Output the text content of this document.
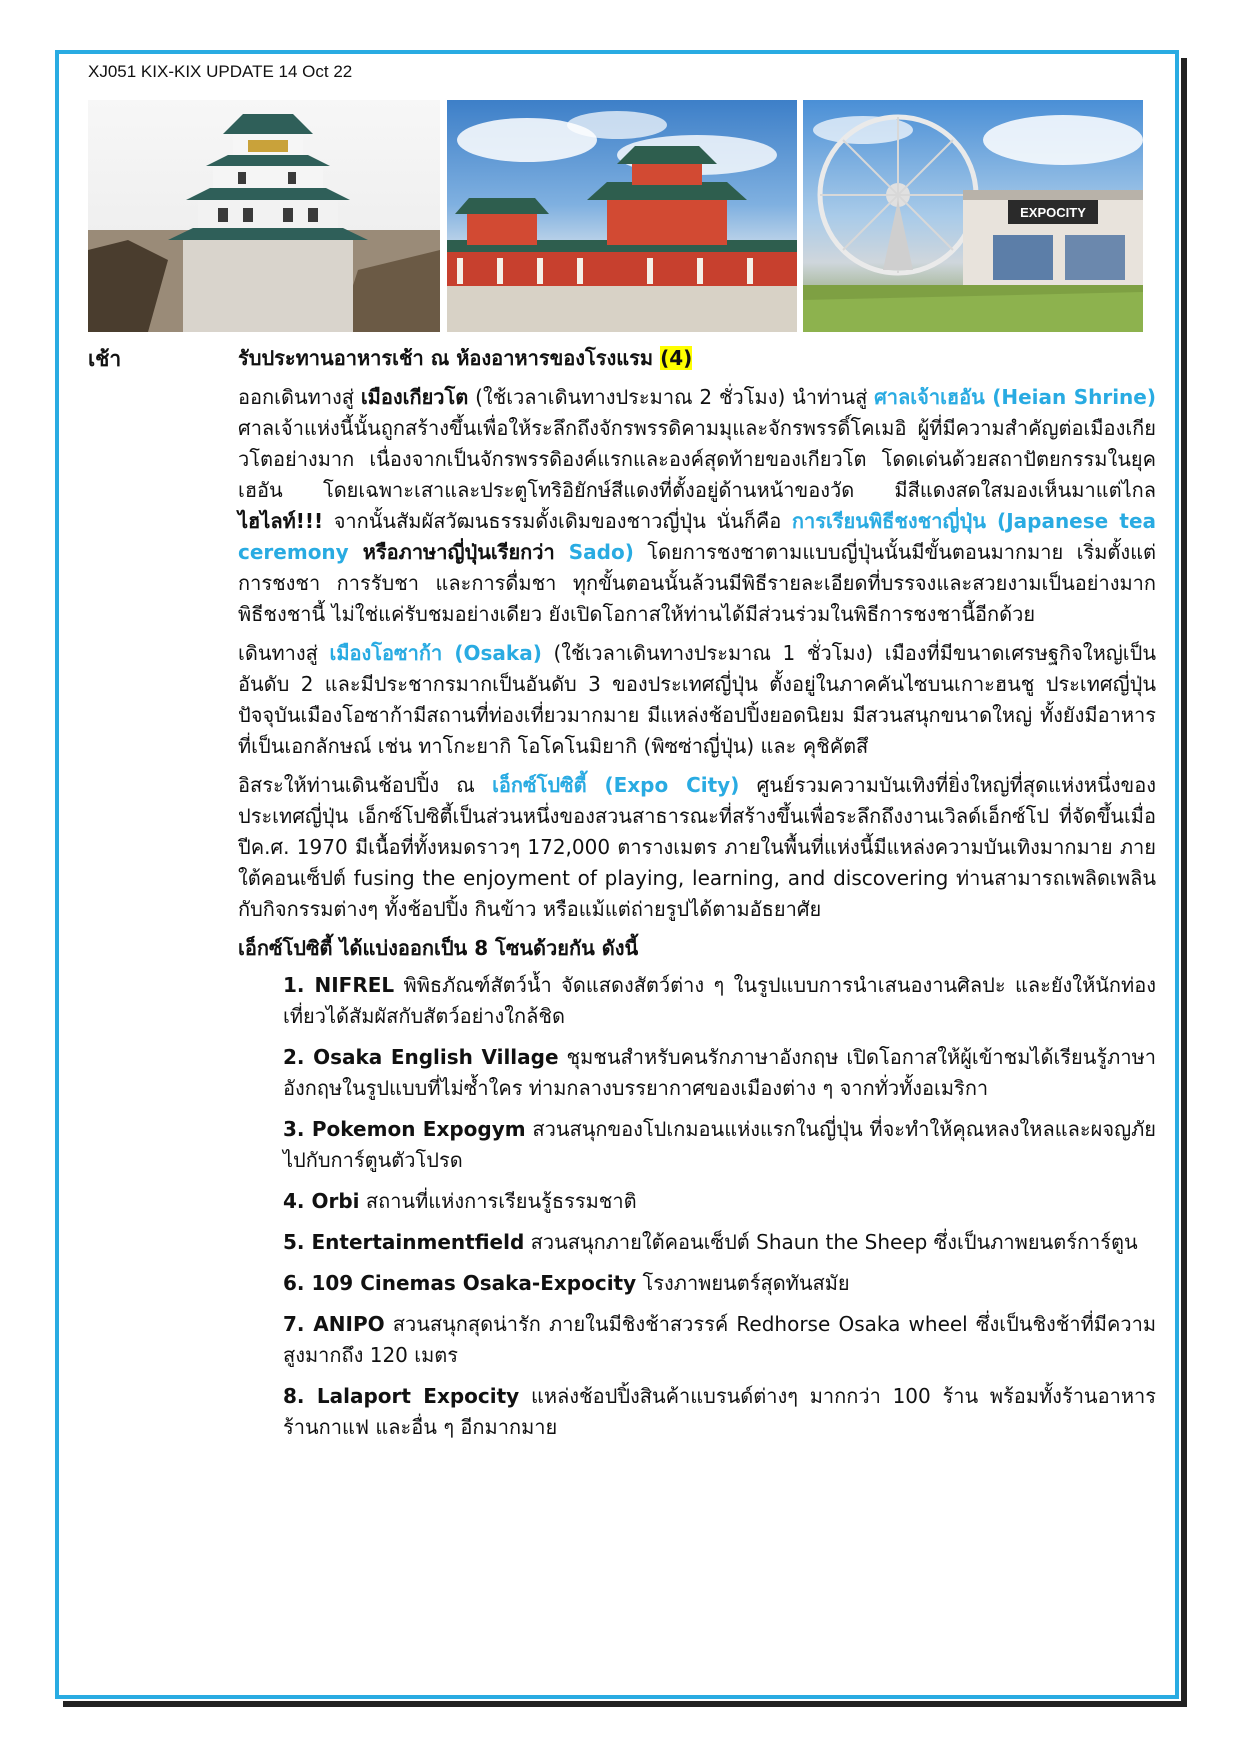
XJ051 KIX-KIX UPDATE 14 Oct 22
EXPOCITY
เช้า	รับประทานอาหารเช้า ณ ห้องอาหารของโรงแรม (4)
ออกเดินทางสู่ เมืองเกียวโต (ใช้เวลาเดินทางประมาณ 2 ชั่วโมง) นำท่านสู่ ศาลเจ้าเฮอัน (Heian Shrine) ศาลเจ้าแห่งนี้นั้นถูกสร้างขึ้นเพื่อให้ระลึกถึงจักรพรรดิคามมุและจักรพรรดิ์โคเมอิ ผู้ที่มีความสำคัญต่อเมืองเกียวโตอย่างมาก เนื่องจากเป็นจักรพรรดิองค์แรกและองค์สุดท้ายของเกียวโต โดดเด่นด้วยสถาปัตยกรรมในยุคเฮอัน โดยเฉพาะเสาและประตูโทริอิยักษ์สีแดงที่ตั้งอยู่ด้านหน้าของวัด มีสีแดงสดใสมองเห็นมาแต่ไกล ไฮไลท์!!! จากนั้นสัมผัสวัฒนธรรมดั้งเดิมของชาวญี่ปุ่น นั่นก็คือ การเรียนพิธีชงชาญี่ปุ่น (Japanese tea ceremony หรือภาษาญี่ปุ่นเรียกว่า Sado) โดยการชงชาตามแบบญี่ปุ่นนั้นมีขั้นตอนมากมาย เริ่มตั้งแต่การชงชา การรับชา และการดื่มชา ทุกขั้นตอนนั้นล้วนมีพิธีรายละเอียดที่บรรจงและสวยงามเป็นอย่างมาก พิธีชงชานี้ ไม่ใช่แค่รับชมอย่างเดียว ยังเปิดโอกาสให้ท่านได้มีส่วนร่วมในพิธีการชงชานี้อีกด้วย
เดินทางสู่ เมืองโอซาก้า (Osaka) (ใช้เวลาเดินทางประมาณ 1 ชั่วโมง) เมืองที่มีขนาดเศรษฐกิจใหญ่เป็นอันดับ 2 และมีประชากรมากเป็นอันดับ 3 ของประเทศญี่ปุ่น ตั้งอยู่ในภาคคันไซบนเกาะฮนชู ประเทศญี่ปุ่น ปัจจุบันเมืองโอซาก้ามีสถานที่ท่องเที่ยวมากมาย มีแหล่งช้อปปิ้งยอดนิยม มีสวนสนุกขนาดใหญ่ ทั้งยังมีอาหารที่เป็นเอกลักษณ์ เช่น ทาโกะยากิ โอโคโนมิยากิ (พิซซ่าญี่ปุ่น) และ คุชิคัตสึ
อิสระให้ท่านเดินช้อปปิ้ง ณ เอ็กซ์โปซิตี้ (Expo City) ศูนย์รวมความบันเทิงที่ยิ่งใหญ่ที่สุดแห่งหนึ่งของประเทศญี่ปุ่น เอ็กซ์โปซิตี้เป็นส่วนหนึ่งของสวนสาธารณะที่สร้างขึ้นเพื่อระลึกถึงงานเวิลด์เอ็กซ์โป ที่จัดขึ้นเมื่อปีค.ศ. 1970 มีเนื้อที่ทั้งหมดราวๆ 172,000 ตารางเมตร ภายในพื้นที่แห่งนี้มีแหล่งความบันเทิงมากมาย ภายใต้คอนเซ็ปต์ fusing the enjoyment of playing, learning, and discovering ท่านสามารถเพลิดเพลินกับกิจกรรมต่างๆ ทั้งช้อปปิ้ง กินข้าว หรือแม้แต่ถ่ายรูปได้ตามอัธยาศัย
เอ็กซ์โปซิตี้ ได้แบ่งออกเป็น 8 โซนด้วยกัน ดังนี้
1. NIFREL พิพิธภัณฑ์สัตว์น้ำ จัดแสดงสัตว์ต่าง ๆ ในรูปแบบการนำเสนองานศิลปะ และยังให้นักท่องเที่ยวได้สัมผัสกับสัตว์อย่างใกล้ชิด
2. Osaka English Village ชุมชนสำหรับคนรักภาษาอังกฤษ เปิดโอกาสให้ผู้เข้าชมได้เรียนรู้ภาษาอังกฤษในรูปแบบที่ไม่ซ้ำใคร ท่ามกลางบรรยากาศของเมืองต่าง ๆ จากทั่วทั้งอเมริกา
3. Pokemon Expogym สวนสนุกของโปเกมอนแห่งแรกในญี่ปุ่น ที่จะทำให้คุณหลงใหลและผจญภัยไปกับการ์ตูนตัวโปรด
4. Orbi สถานที่แห่งการเรียนรู้ธรรมชาติ
5. Entertainmentfield สวนสนุกภายใต้คอนเซ็ปต์ Shaun the Sheep ซึ่งเป็นภาพยนตร์การ์ตูน
6. 109 Cinemas Osaka-Expocity โรงภาพยนตร์สุดทันสมัย
7. ANIPO สวนสนุกสุดน่ารัก ภายในมีชิงช้าสวรรค์ Redhorse Osaka wheel ซึ่งเป็นชิงช้าที่มีความสูงมากถึง 120 เมตร
8. Lalaport Expocity แหล่งช้อปปิ้งสินค้าแบรนด์ต่างๆ มากกว่า 100 ร้าน พร้อมทั้งร้านอาหาร ร้านกาแฟ และอื่น ๆ อีกมากมาย
